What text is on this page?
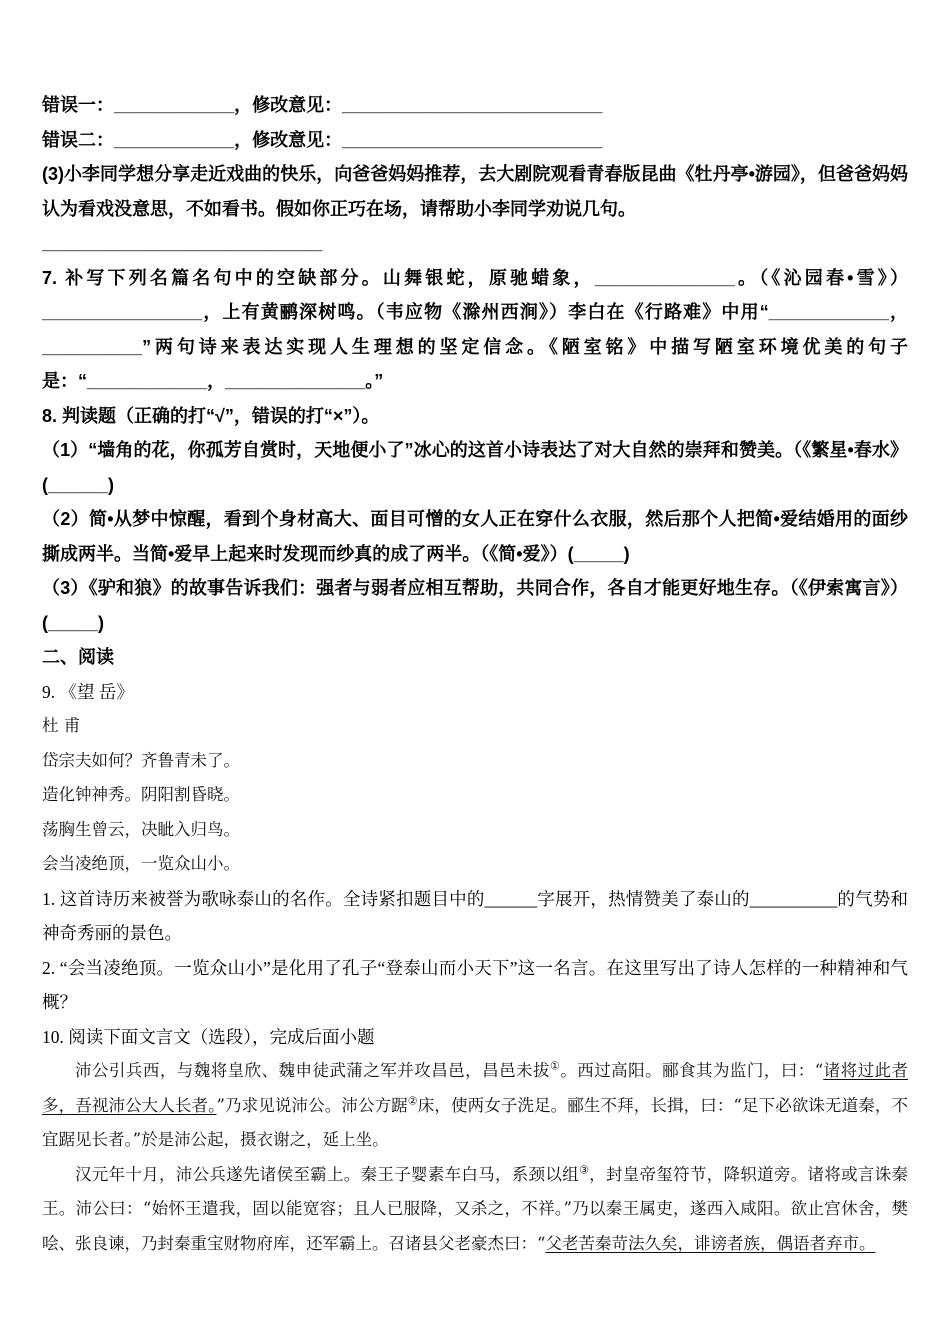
错误一：____________，修改意见：__________________________

错误二：____________，修改意见：__________________________

(3)小李同学想分享走近戏曲的快乐，向爸爸妈妈推荐，去大剧院观看青春版昆曲《牡丹亭•游园》，但爸爸妈妈认为看戏没意思，不如看书。假如你正巧在场，请帮助小李同学劝说几句。

____________________________

7. 补写下列名篇名句中的空缺部分。山舞银蛇，原驰蜡象，______________。（《沁园春•雪》）________________，上有黄鹂深树鸣。（韦应物《滁州西涧》）李白在《行路难》中用“____________，__________”两句诗来表达实现人生理想的坚定信念。《陋室铭》中描写陋室环境优美的句子是：“____________，______________。”

8. 判读题（正确的打“√”，错误的打“×”）。

（1）“墙角的花，你孤芳自赏时，天地便小了”冰心的这首小诗表达了对大自然的崇拜和赞美。（《繁星•春水》(______)

（2）简•从梦中惊醒，看到个身材高大、面目可憎的女人正在穿什么衣服，然后那个人把简•爱结婚用的面纱撕成两半。当简•爱早上起来时发现而纱真的成了两半。（《简•爱》）(_____)

（3）《驴和狼》的故事告诉我们：强者与弱者应相互帮助，共同合作，各自才能更好地生存。（《伊索寓言》）(_____)

二、阅读

9. 《望 岳》

杜 甫

岱宗夫如何？齐鲁青未了。

造化钟神秀。阴阳割昏晓。

荡胸生曾云，决眦入归鸟。

会当凌绝顶，一览众山小。

1. 这首诗历来被誉为歌咏泰山的名作。全诗紧扣题目中的______字展开，热情赞美了泰山的__________的气势和神奇秀丽的景色。

2. “会当凌绝顶。一览众山小”是化用了孔子“登泰山而小天下”这一名言。在这里写出了诗人怎样的一种精神和气概？

10. 阅读下面文言文（选段），完成后面小题

沛公引兵西，与魏将皇欣、魏申徒武蒲之军并攻昌邑，昌邑未拔①。西过高阳。郦食其为监门，曰：“诸将过此者多，吾视沛公大人长者。”乃求见说沛公。沛公方踞②床，使两女子洗足。郦生不拜，长揖，曰：“足下必欲诛无道秦，不宜踞见长者。”於是沛公起，摄衣谢之，延上坐。

汉元年十月，沛公兵遂先诸侯至霸上。秦王子婴素车白马，系颈以组③，封皇帝玺符节，降轵道旁。诸将或言诛秦王。沛公曰：“始怀王遣我，固以能宽容；且人已服降，又杀之，不祥。”乃以秦王属吏，遂西入咸阳。欲止宫休舍，樊哙、张良谏，乃封秦重宝财物府库，还军霸上。召诸县父老豪杰曰：“父老苦秦苛法久矣，诽谤者族，偶语者弃市。
